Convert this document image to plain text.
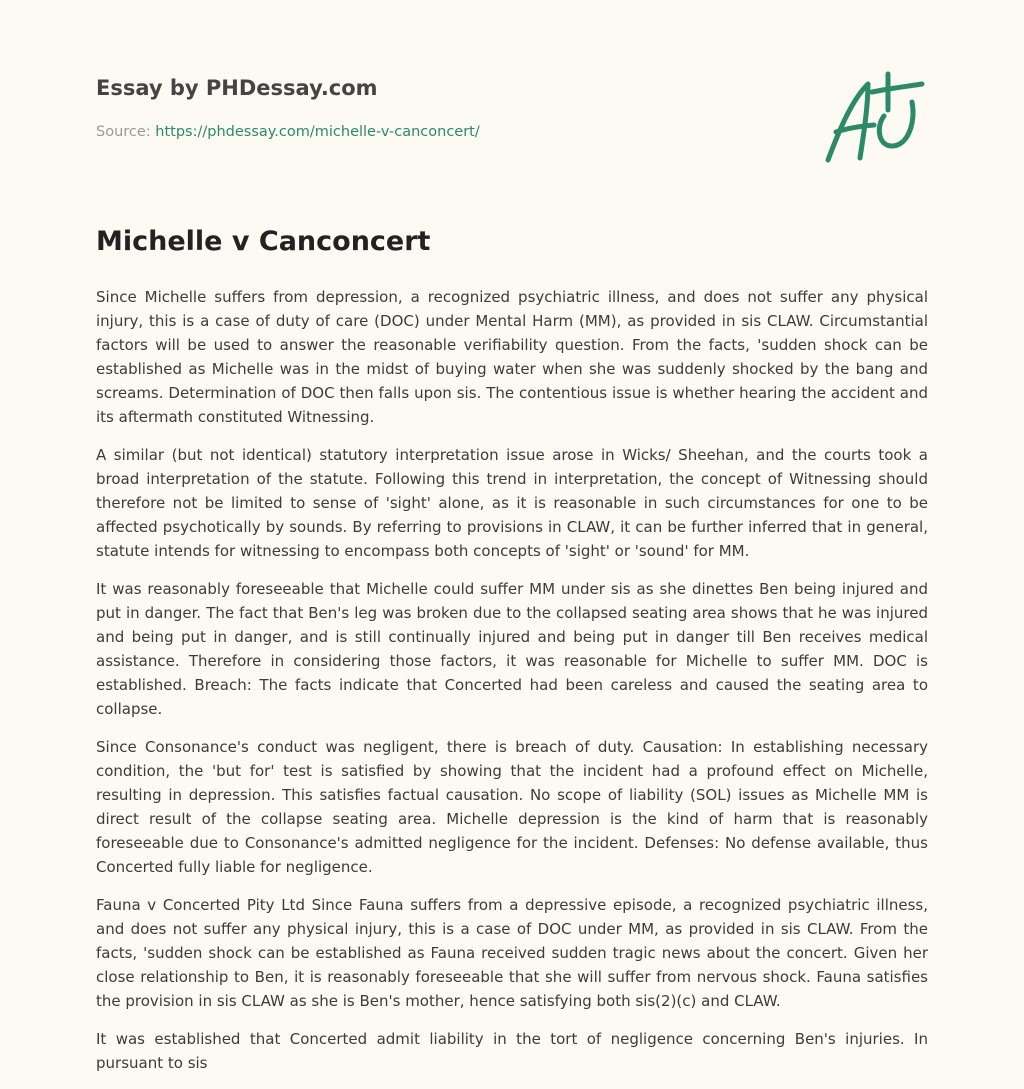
Essay by PHDessay.com
Source: https://phdessay.com/michelle-v-canconcert/
Michelle v Canconcert

Since Michelle suffers from depression, a recognized psychiatric illness, and does not suffer any physical injury, this is a case of duty of care (DOC) under Mental Harm (MM), as provided in sis CLAW. Circumstantial factors will be used to answer the reasonable verifiability question. From the facts, 'sudden shock can be established as Michelle was in the midst of buying water when she was suddenly shocked by the bang and screams. Determination of DOC then falls upon sis. The contentious issue is whether hearing the accident and its aftermath constituted Witnessing.

A similar (but not identical) statutory interpretation issue arose in Wicks/ Sheehan, and the courts took a broad interpretation of the statute. Following this trend in interpretation, the concept of Witnessing should therefore not be limited to sense of 'sight' alone, as it is reasonable in such circumstances for one to be affected psychotically by sounds. By referring to provisions in CLAW, it can be further inferred that in general, statute intends for witnessing to encompass both concepts of 'sight' or 'sound' for MM.

It was reasonably foreseeable that Michelle could suffer MM under sis as she dinettes Ben being injured and put in danger. The fact that Ben's leg was broken due to the collapsed seating area shows that he was injured and being put in danger, and is still continually injured and being put in danger till Ben receives medical assistance. Therefore in considering those factors, it was reasonable for Michelle to suffer MM. DOC is established. Breach: The facts indicate that Concerted had been careless and caused the seating area to collapse.

Since Consonance's conduct was negligent, there is breach of duty. Causation: In establishing necessary condition, the 'but for' test is satisfied by showing that the incident had a profound effect on Michelle, resulting in depression. This satisfies factual causation. No scope of liability (SOL) issues as Michelle MM is direct result of the collapse seating area. Michelle depression is the kind of harm that is reasonably foreseeable due to Consonance's admitted negligence for the incident. Defenses: No defense available, thus Concerted fully liable for negligence.

Fauna v Concerted Pity Ltd Since Fauna suffers from a depressive episode, a recognized psychiatric illness, and does not suffer any physical injury, this is a case of DOC under MM, as provided in sis CLAW. From the facts, 'sudden shock can be established as Fauna received sudden tragic news about the concert. Given her close relationship to Ben, it is reasonably foreseeable that she will suffer from nervous shock. Fauna satisfies the provision in sis CLAW as she is Ben's mother, hence satisfying both sis(2)(c) and CLAW.

It was established that Concerted admit liability in the tort of negligence concerning Ben's injuries. In pursuant to sis
